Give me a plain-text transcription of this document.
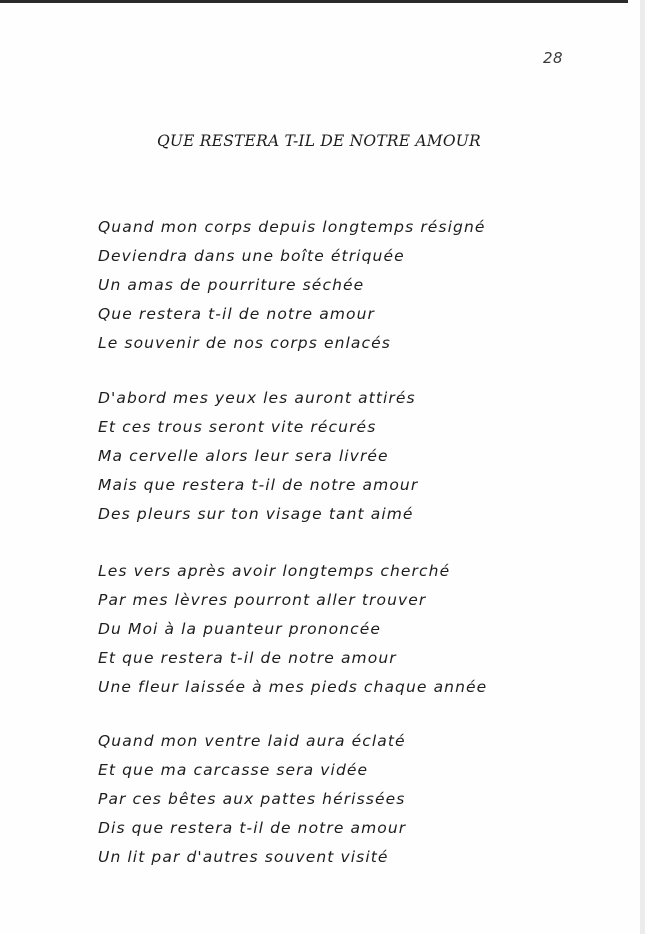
28
QUE RESTERA T-IL DE NOTRE AMOUR
Quand mon corps depuis longtemps résigné
Deviendra dans une boîte étriquée
Un amas de pourriture séchée
Que restera t-il de notre amour
Le souvenir de nos corps enlacés
D'abord mes yeux les auront attirés
Et ces trous seront vite récurés
Ma cervelle alors leur sera livrée
Mais que restera t-il de notre amour
Des pleurs sur ton visage tant aimé
Les vers après avoir longtemps cherché
Par mes lèvres pourront aller trouver
Du Moi à la puanteur prononcée
Et que restera t-il de notre amour
Une fleur laissée à mes pieds chaque année
Quand mon ventre laid aura éclaté
Et que ma carcasse sera vidée
Par ces bêtes aux pattes hérissées
Dis que restera t-il de notre amour
Un lit par d'autres souvent visité
